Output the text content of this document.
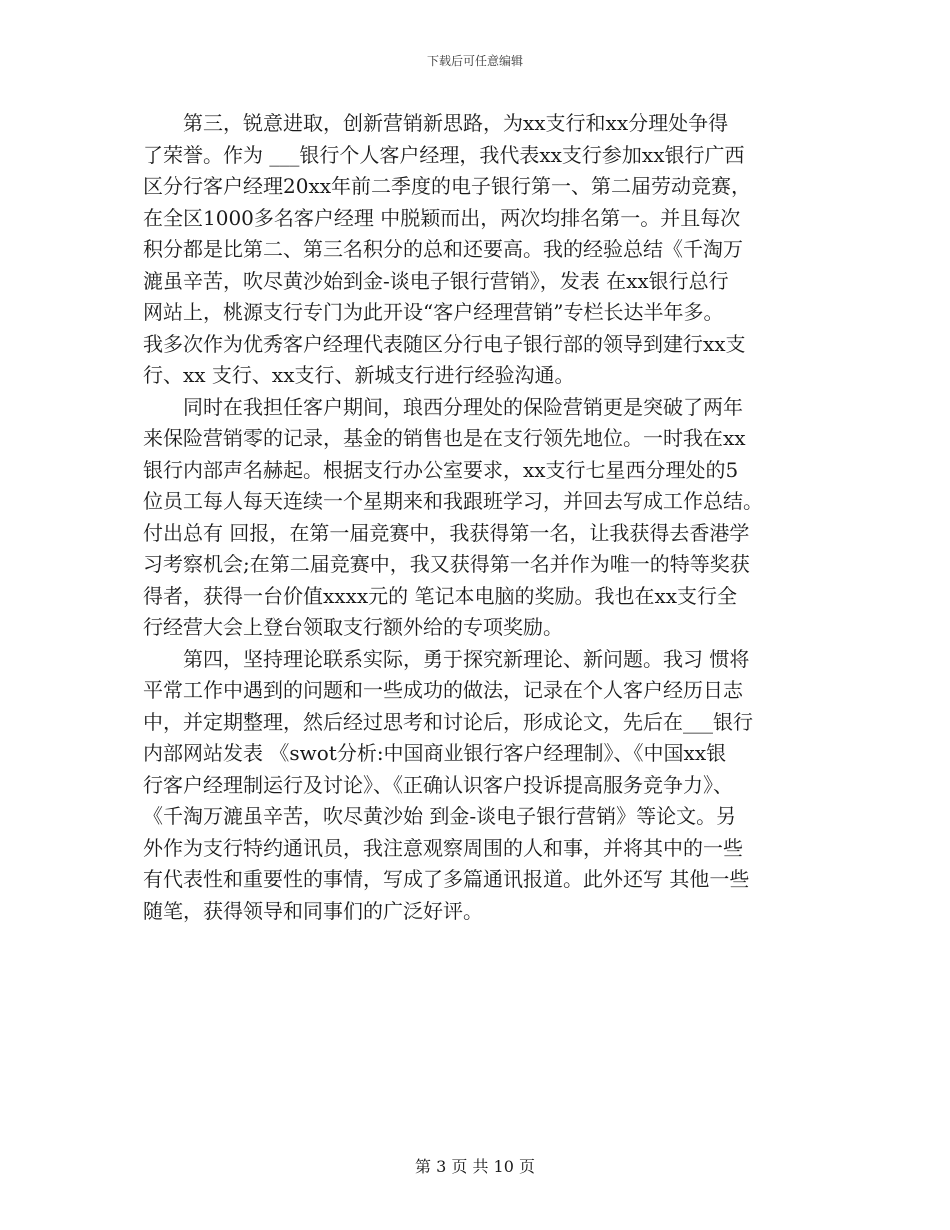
下载后可任意编辑
　　第三，锐意进取，创新营销新思路，为xx支行和xx分理处争得
了荣誉。作为 ___银行个人客户经理，我代表xx支行参加xx银行广西
区分行客户经理20xx年前二季度的电子银行第一、第二届劳动竞赛，
在全区1000多名客户经理 中脱颖而出，两次均排名第一。并且每次
积分都是比第二、第三名积分的总和还要高。我的经验总结《千淘万
漉虽辛苦，吹尽黄沙始到金-谈电子银行营销》，发表 在xx银行总行
网站上，桃源支行专门为此开设“客户经理营销”专栏长达半年多。
我多次作为优秀客户经理代表随区分行电子银行部的领导到建行xx支
行、xx 支行、xx支行、新城支行进行经验沟通。
　　同时在我担任客户期间，琅西分理处的保险营销更是突破了两年
来保险营销零的记录，基金的销售也是在支行领先地位。一时我在xx
银行内部声名赫起。根据支行办公室要求，xx支行七星西分理处的5
位员工每人每天连续一个星期来和我跟班学习，并回去写成工作总结。
付出总有 回报，在第一届竞赛中，我获得第一名，让我获得去香港学
习考察机会;在第二届竞赛中，我又获得第一名并作为唯一的特等奖获
得者，获得一台价值xxxx元的 笔记本电脑的奖励。我也在xx支行全
行经营大会上登台领取支行额外给的专项奖励。
　　第四，坚持理论联系实际，勇于探究新理论、新问题。我习 惯将
平常工作中遇到的问题和一些成功的做法，记录在个人客户经历日志
中，并定期整理，然后经过思考和讨论后，形成论文，先后在___银行
内部网站发表 《swot分析:中国商业银行客户经理制》、《中国xx银
行客户经理制运行及讨论》、《正确认识客户投诉提高服务竞争力》、
《千淘万漉虽辛苦，吹尽黄沙始 到金-谈电子银行营销》等论文。另
外作为支行特约通讯员，我注意观察周围的人和事，并将其中的一些
有代表性和重要性的事情，写成了多篇通讯报道。此外还写 其他一些
随笔，获得领导和同事们的广泛好评。
第 3 页 共 10 页
